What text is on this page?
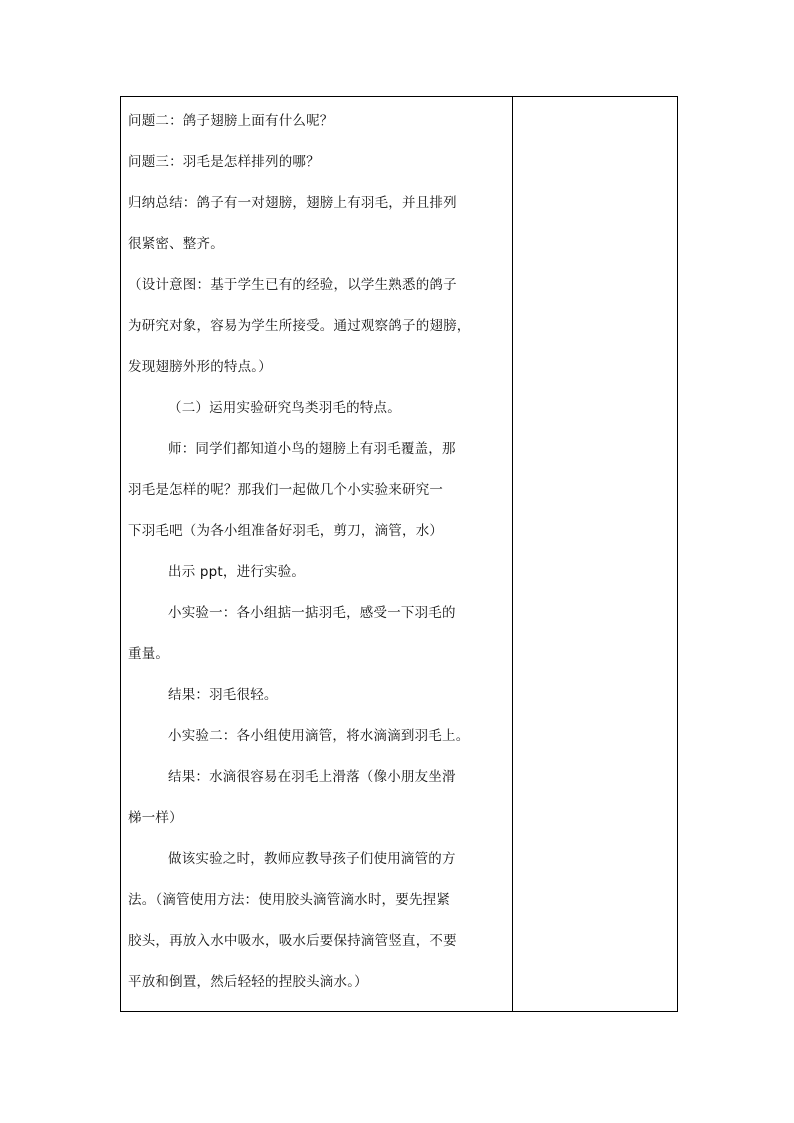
问题二：鸽子翅膀上面有什么呢？
问题三：羽毛是怎样排列的哪？
归纳总结：鸽子有一对翅膀，翅膀上有羽毛，并且排列
很紧密、整齐。
（设计意图：基于学生已有的经验，以学生熟悉的鸽子
为研究对象，容易为学生所接受。通过观察鸽子的翅膀，
发现翅膀外形的特点。）
（二）运用实验研究鸟类羽毛的特点。
师：同学们都知道小鸟的翅膀上有羽毛覆盖，那
羽毛是怎样的呢？那我们一起做几个小实验来研究一
下羽毛吧（为各小组准备好羽毛，剪刀，滴管，水）
出示 ppt，进行实验。
小实验一：各小组掂一掂羽毛，感受一下羽毛的
重量。
结果：羽毛很轻。
小实验二：各小组使用滴管，将水滴滴到羽毛上。
结果：水滴很容易在羽毛上滑落（像小朋友坐滑
梯一样）
做该实验之时，教师应教导孩子们使用滴管的方
法。（滴管使用方法：使用胶头滴管滴水时，要先捏紧
胶头，再放入水中吸水，吸水后要保持滴管竖直，不要
平放和倒置，然后轻轻的捏胶头滴水。）
